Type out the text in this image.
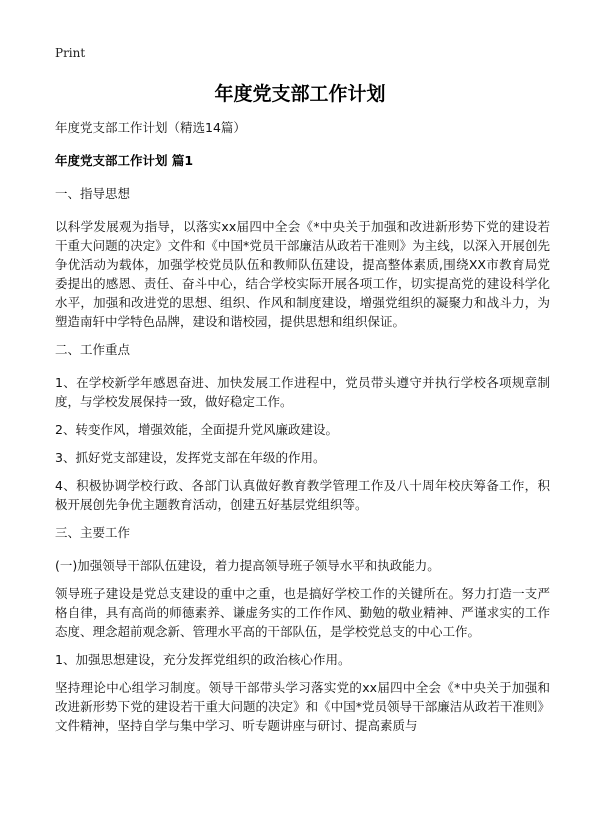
Print
年度党支部工作计划

年度党支部工作计划（精选14篇）

年度党支部工作计划 篇1

一、指导思想

以科学发展观为指导，以落实xx届四中全会《*中央关于加强和改进新形势下党的建设若干重大问题的决定》文件和《中国*党员干部廉洁从政若干准则》为主线，以深入开展创先争优活动为载体，加强学校党员队伍和教师队伍建设，提高整体素质,围绕XX市教育局党委提出的感恩、责任、奋斗中心，结合学校实际开展各项工作，切实提高党的建设科学化水平，加强和改进党的思想、组织、作风和制度建设，增强党组织的凝聚力和战斗力，为塑造南轩中学特色品牌，建设和谐校园，提供思想和组织保证。

二、工作重点

1、在学校新学年感恩奋进、加快发展工作进程中，党员带头遵守并执行学校各项规章制度，与学校发展保持一致，做好稳定工作。

2、转变作风，增强效能，全面提升党风廉政建设。

3、抓好党支部建设，发挥党支部在年级的作用。

4、积极协调学校行政、各部门认真做好教育教学管理工作及八十周年校庆筹备工作，积极开展创先争优主题教育活动，创建五好基层党组织等。

三、主要工作

(一)加强领导干部队伍建设，着力提高领导班子领导水平和执政能力。

领导班子建设是党总支建设的重中之重，也是搞好学校工作的关键所在。努力打造一支严格自律，具有高尚的师德素养、谦虚务实的工作作风、勤勉的敬业精神、严谨求实的工作态度、理念超前观念新、管理水平高的干部队伍，是学校党总支的中心工作。

1、加强思想建设，充分发挥党组织的政治核心作用。

坚持理论中心组学习制度。领导干部带头学习落实党的xx届四中全会《*中央关于加强和改进新形势下党的建设若干重大问题的决定》和《中国*党员领导干部廉洁从政若干准则》文件精神，坚持自学与集中学习、听专题讲座与研讨、提高素质与
